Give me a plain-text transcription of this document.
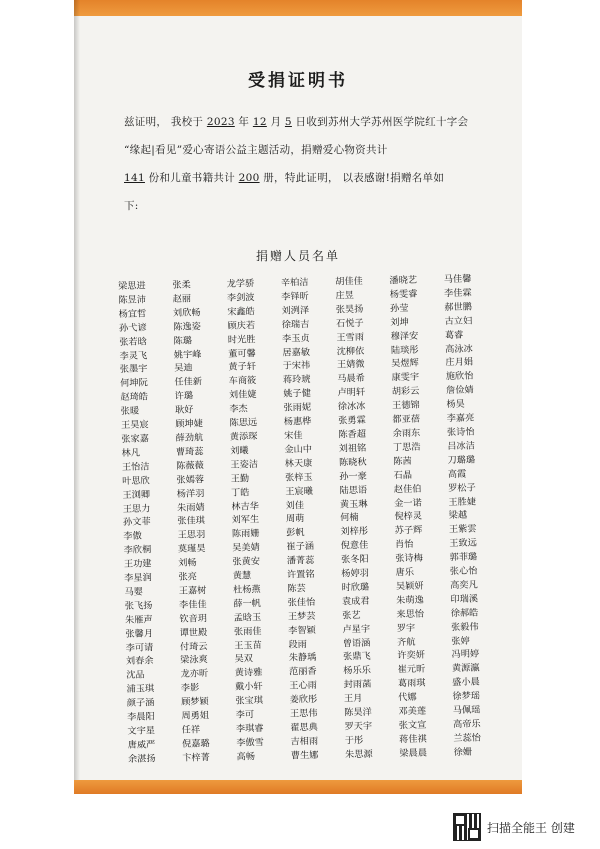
受捐证明书
兹证明， 我校于 2023 年 12 月 5 日收到苏州大学苏州医学院红十字会
“缘起|看见”爱心寄语公益主题活动，捐赠爱心物资共计
141 份和儿童书籍共计 200 册，特此证明， 以表感谢!捐赠名单如
下:
捐赠人员名单
梁思进	张柔	龙学骄	辛柏洁	胡佳佳	潘晓艺	马佳馨
陈昱沛	赵丽	李剑波	李铎昕	庄昱	杨雯睿	李佳霖
杨宜哲	刘欣畅	宋鑫皓	刘洌泽	张昊扬	孙莹	郝世鹏
孙弋谚	陈逸姿	顾庆若	徐瑞吉	石悦子	刘坤	古立妇
张若晗	陈璐	时光胜	李玉贞	王雪雨	穆泽安	葛睿
李灵飞	姚宇峰	董可馨	居嘉敏	沈柳依	陆琰彤	高泳冰
张墨宇	吴迪	黄子轩	于宋祎	王婧微	吴煜辉	庄月娟
何坤阮	任佳新	车商筱	蒋玲琥	马晨希	康雯宇	施欣怡
赵琦皓	许璐	刘佳婕	姚子健	卢明轩	胡彩云	詹俭婧
张暖	耿好	李杰	张雨妮	徐冰冰	王德锦	杨昊
王昊宸	顾坤婕	陈思远	杨惠桦	张勇霖	都亚蓓	李嘉亮
张家嘉	薛劲航	黄添琛	宋佳	陈香超	余雨东	张诗怡
林凡	曹琦蕊	刘曦	金山中	刘祖铭	丁思浩	吕冰洁
王怡洁	陈薇薇	王姿洁	林天康	陈晓秋	陈茜	刀璐璐
叶思欣	张嫣蓉	王勤	张梓玉	孙一豪	石晶	高霞
王浏卿	杨洋羽	丁皓	王宸曦	陆思语	赵佳伯	罗松子
王思力	朱雨婧	林吉华	刘佳	黄玉琳	金一诺	王胜婕
孙文菲	张佳琪	刘军生	周萌	何楠	倪梓灵	梁越
李傲	王思羽	陈雨姗	彭帆	刘梓彤	苏子辉	王紫雲
李欣桐	莫瑾昊	吴美婧	崔子涵	倪意佳	肖怡	王致远
王功建	刘畅	张黄安	潘菁蕊	张冬阳	张诗梅	郭菲璐
李星润	张亮	黄慧	许置铭	杨婷羽	唐乐	张心怡
马婴	王嘉树	杜杨燕	陈芸	时欣璐	吴颖妍	高奕凡
张飞扬	李佳佳	薛一帆	张佳怡	袁成君	朱萌逸	印瑞溪
朱雁声	钦音玥	孟晗玉	王梦芸	张艺	来思怡	徐郝皓
张馨月	谭世殿	张雨佳	李智颖	卢星宇	罗宇	张毅伟
李可请	付琦云	王玉苗	段雨	曾语涵	齐航	张婷
刘春余	梁泳爽	吴双	朱静瑀	张鼎飞	许奕妍	冯明婷
沈品	龙亦昕	黄诗雅	范丽香	杨乐乐	崔元昕	黄源瀛
浦玉琪	李影	戴小轩	王心雨	封雨菡	葛雨琪	盛小晨
颜子涵	顾梦颖	张宝琪	姜欣彤	王月	代娜	徐梦瑶
李晨阳	周勇姐	李可	王思伟	陈昊洋	邓美莲	马佩瑶
文宇星	任祥	李琪睿	翟思典	罗天宇	张文宣	高帝乐
唐威严	倪嘉璐	李傲雪	吉相雨	于彤	蒋佳祺	兰蕊怡
余湛扬	卞梓菁	高畅	曹生娜	朱思源	梁晨晨	徐姗
扫描全能王 创建
